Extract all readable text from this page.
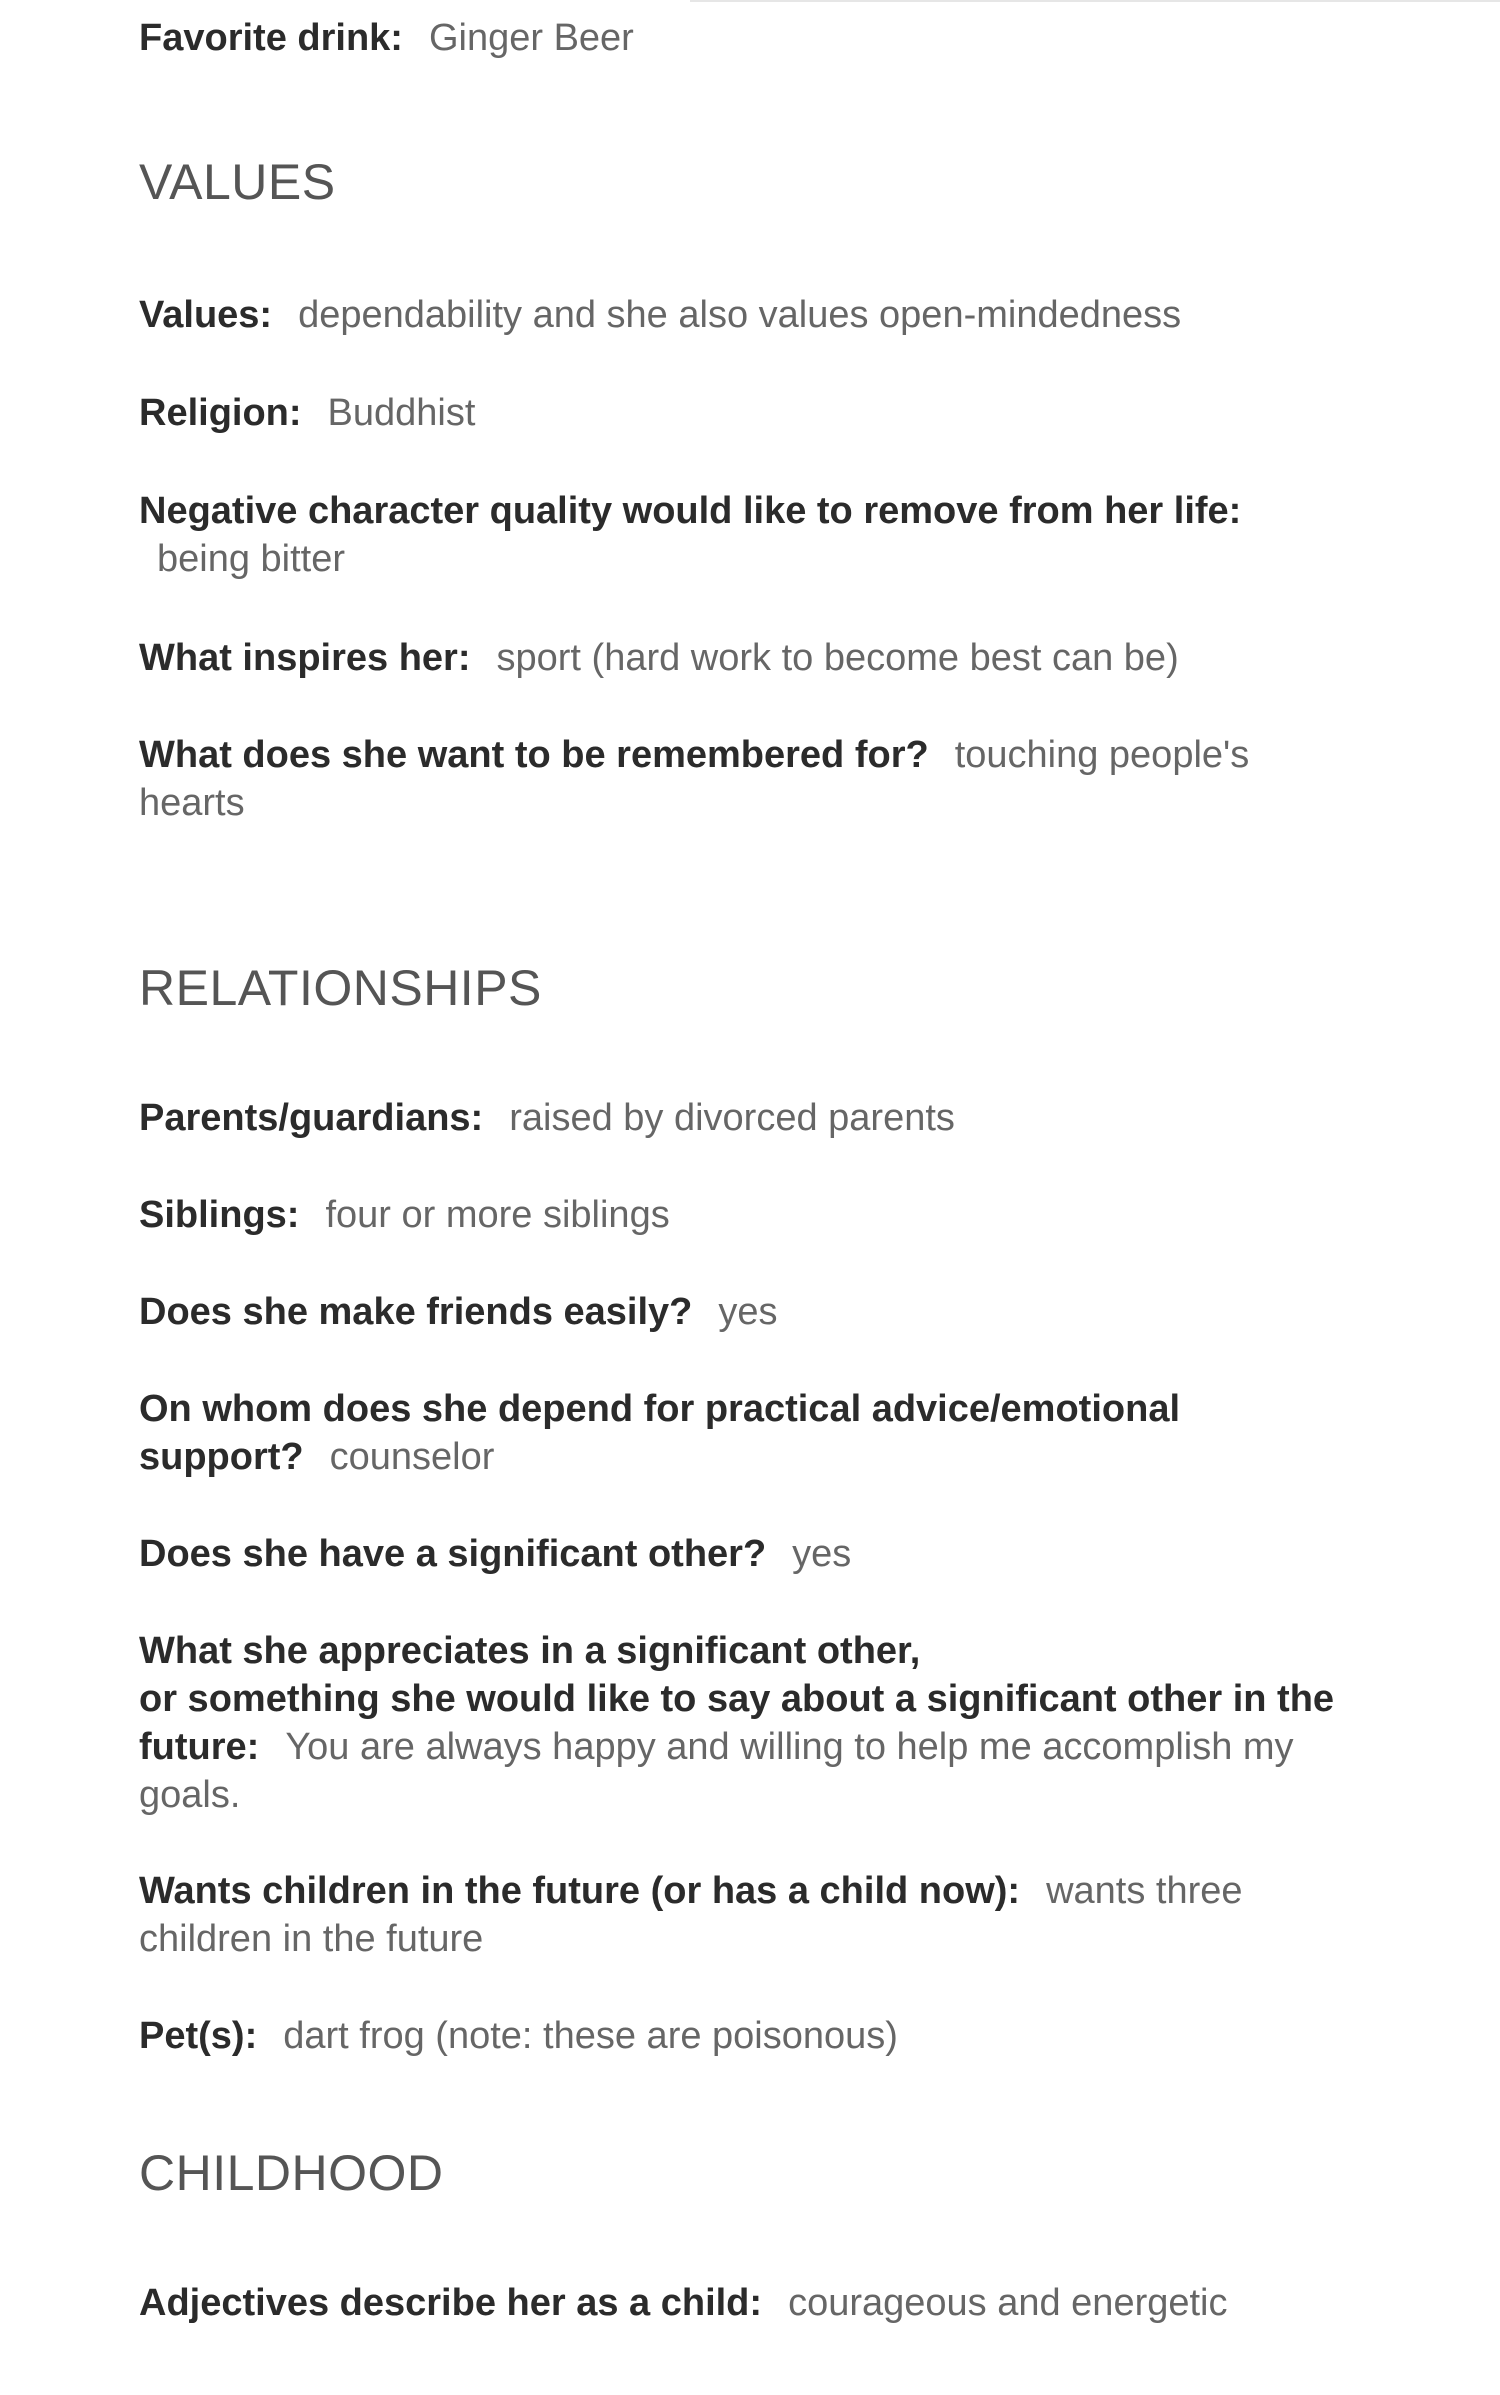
Favorite drink: Ginger Beer

VALUES

Values: dependability and she also values open-mindedness

Religion: Buddhist

Negative character quality would like to remove from her life:
being bitter

What inspires her: sport (hard work to become best can be)

What does she want to be remembered for? touching people's hearts

RELATIONSHIPS

Parents/guardians: raised by divorced parents

Siblings: four or more siblings

Does she make friends easily? yes

On whom does she depend for practical advice/emotional support? counselor

Does she have a significant other? yes

What she appreciates in a significant other,
or something she would like to say about a significant other in the future: You are always happy and willing to help me accomplish my goals.

Wants children in the future (or has a child now): wants three children in the future

Pet(s): dart frog (note: these are poisonous)

CHILDHOOD

Adjectives describe her as a child: courageous and energetic
